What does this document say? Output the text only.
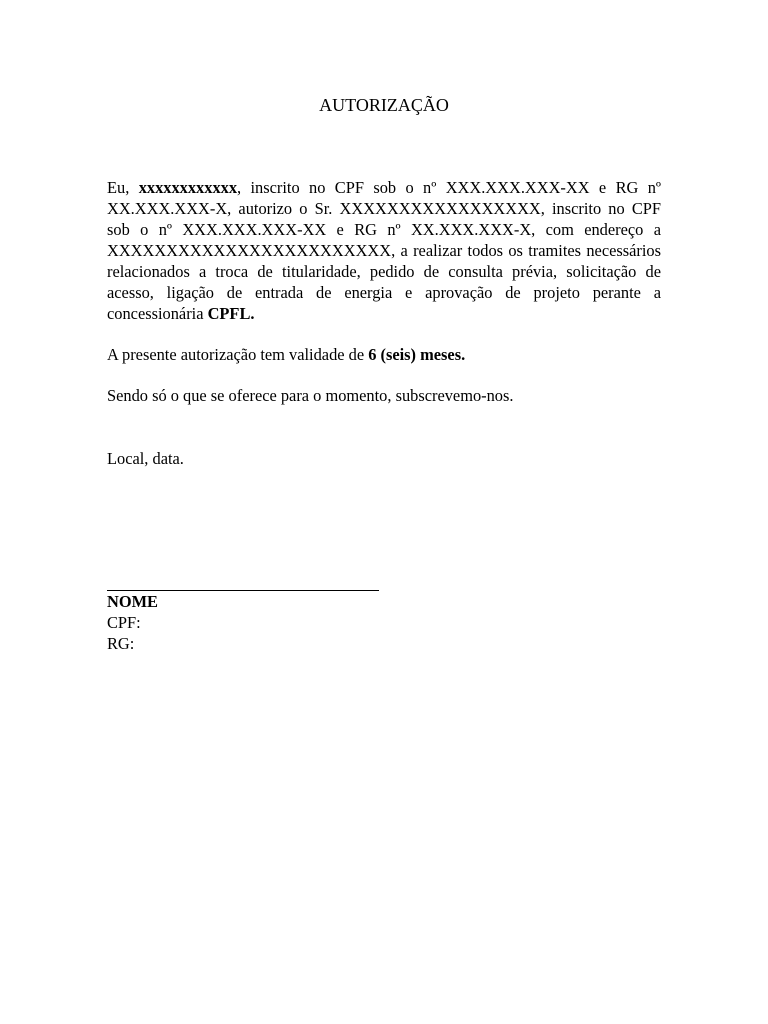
AUTORIZAÇÃO

Eu, xxxxxxxxxxxx, inscrito no CPF sob o nº XXX.XXX.XXX-XX e RG nº XX.XXX.XXX-X, autorizo o Sr. XXXXXXXXXXXXXXXXX, inscrito no CPF sob o nº XXX.XXX.XXX-XX e RG nº XX.XXX.XXX-X, com endereço a XXXXXXXXXXXXXXXXXXXXXXXX, a realizar todos os tramites necessários relacionados a troca de titularidade, pedido de consulta prévia, solicitação de acesso, ligação de entrada de energia e aprovação de projeto perante a concessionária CPFL.

A presente autorização tem validade de 6 (seis) meses.

Sendo só o que se oferece para o momento, subscrevemo-nos.

Local, data.

NOME
CPF:
RG:
